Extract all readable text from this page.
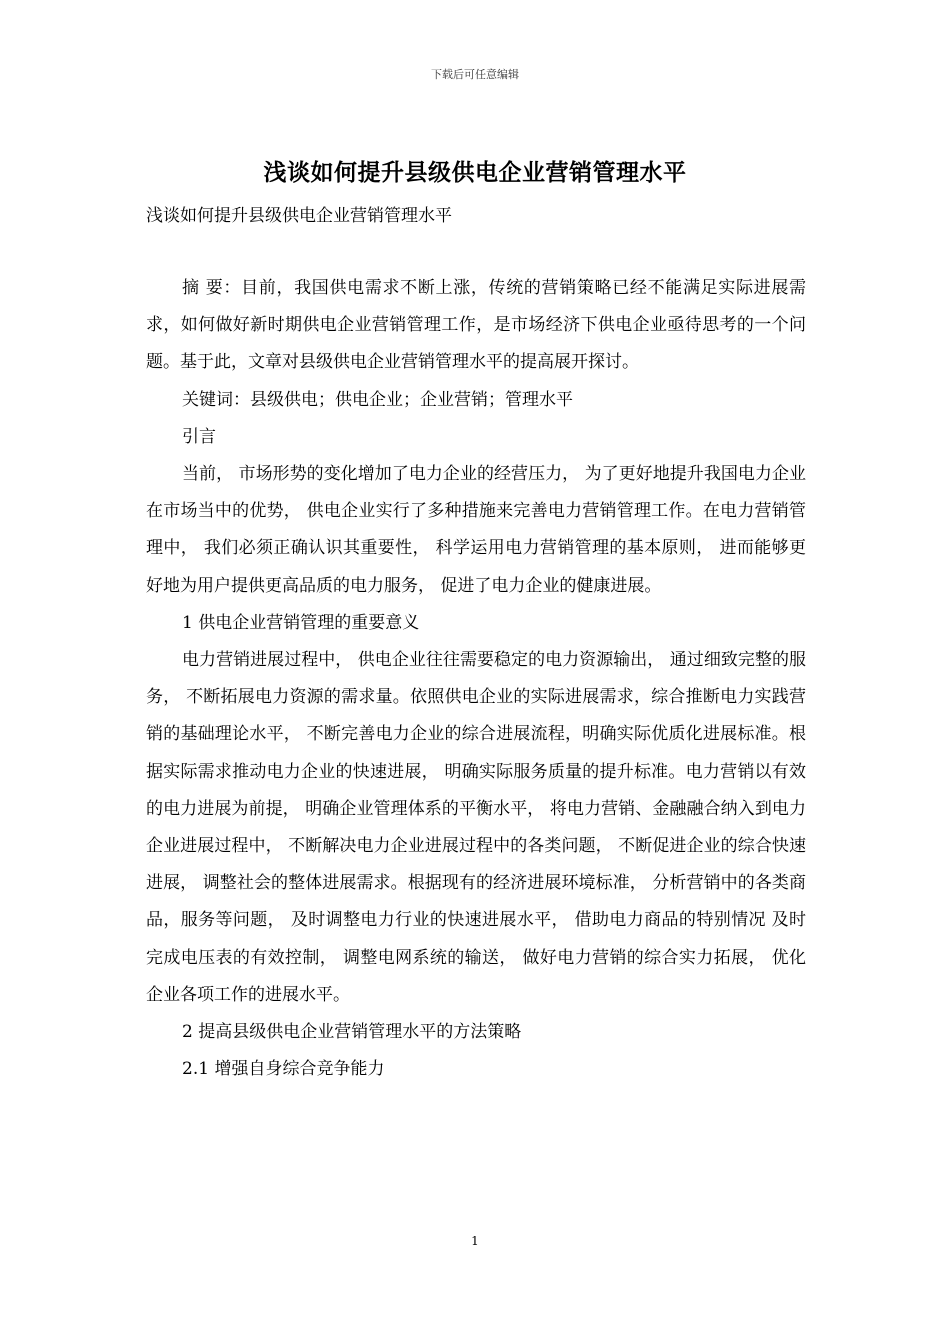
下载后可任意编辑
浅谈如何提升县级供电企业营销管理水平
浅谈如何提升县级供电企业营销管理水平

摘 要：目前，我国供电需求不断上涨，传统的营销策略已经不能满足实际进展需求，如何做好新时期供电企业营销管理工作，是市场经济下供电企业亟待思考的一个问题。基于此，文章对县级供电企业营销管理水平的提高展开探讨。

关键词：县级供电；供电企业；企业营销；管理水平

引言

当前， 市场形势的变化增加了电力企业的经营压力， 为了更好地提升我国电力企业在市场当中的优势， 供电企业实行了多种措施来完善电力营销管理工作。在电力营销管理中， 我们必须正确认识其重要性， 科学运用电力营销管理的基本原则， 进而能够更好地为用户提供更高品质的电力服务， 促进了电力企业的健康进展。

1 供电企业营销管理的重要意义

电力营销进展过程中， 供电企业往往需要稳定的电力资源输出， 通过细致完整的服务， 不断拓展电力资源的需求量。依照供电企业的实际进展需求，综合推断电力实践营销的基础理论水平， 不断完善电力企业的综合进展流程，明确实际优质化进展标准。根据实际需求推动电力企业的快速进展， 明确实际服务质量的提升标准。电力营销以有效的电力进展为前提， 明确企业管理体系的平衡水平， 将电力营销、金融融合纳入到电力企业进展过程中， 不断解决电力企业进展过程中的各类问题， 不断促进企业的综合快速进展， 调整社会的整体进展需求。根据现有的经济进展环境标准， 分析营销中的各类商品，服务等问题， 及时调整电力行业的快速进展水平， 借助电力商品的特别情况 及时完成电压表的有效控制， 调整电网系统的输送， 做好电力营销的综合实力拓展， 优化企业各项工作的进展水平。

2 提高县级供电企业营销管理水平的方法策略

2.1 增强自身综合竞争能力

1
